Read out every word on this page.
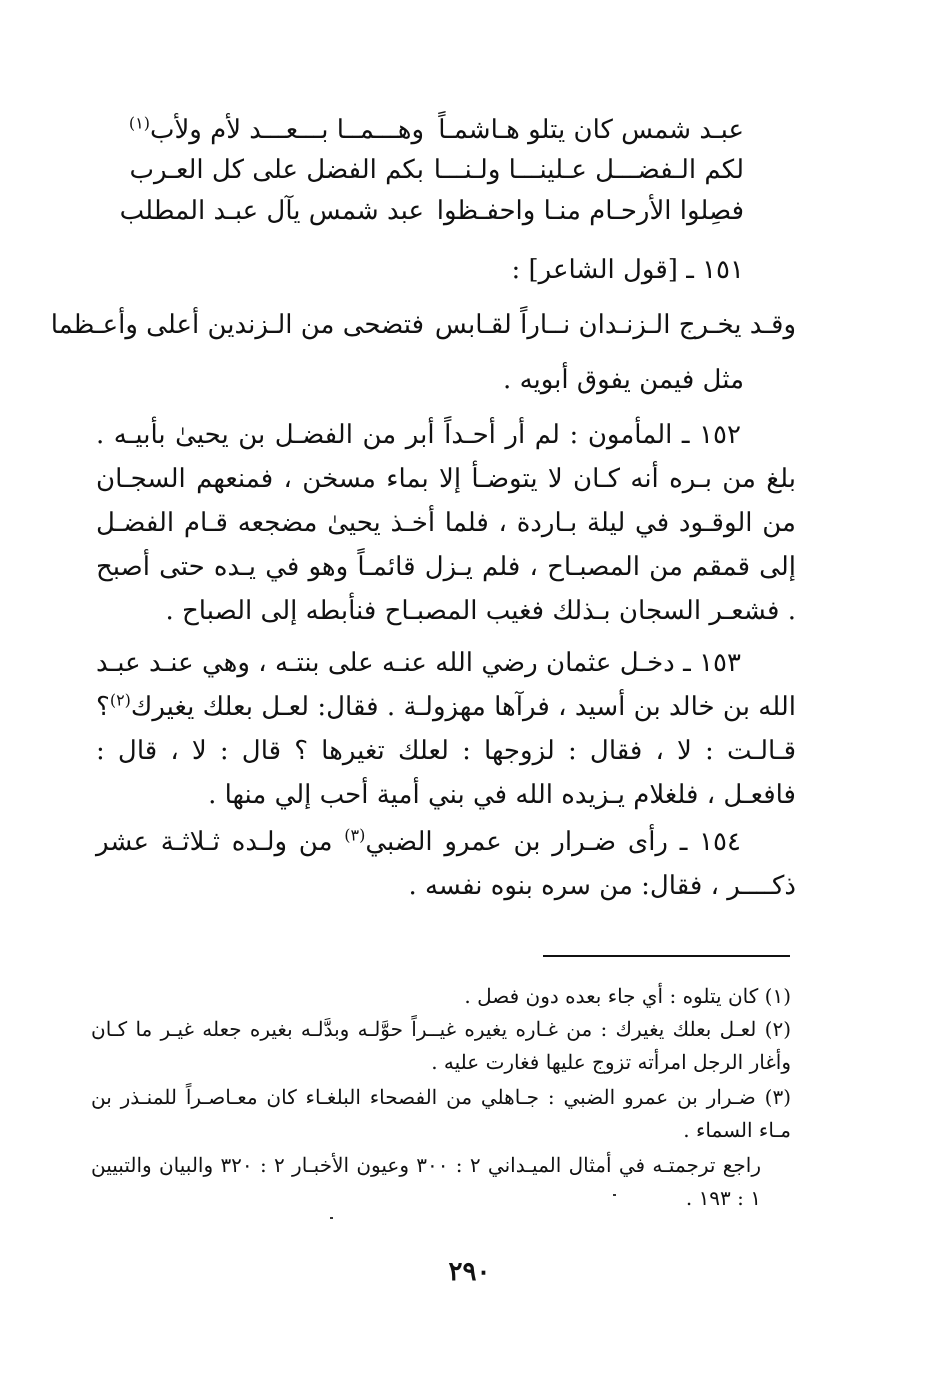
عبـد شمس كان يتلو هـاشمـاً
وهـــمــا بـــعـــد لأم ولأب$^{(١)}$
لكم الـفضـــل عـلينـــا ولـنـــا
بكم الفضل على كل العـرب
فصِلوا الأرحـام منـا واحفـظوا
عبد شمس يآل عبـد المطلب
١٥١ ـ [قول الشاعر] :
وقـد يخـرج الـزنـدان نــاراً لقـابس
فتضحى من الـزندين أعلى وأعـظما
مثل فيمن يفوق أبويه .
١٥٢ ـ المأمون : لم أر أحـداً أبر من الفضـل بن يحيىٰ بأبيـه . بلغ من بـره أنه كـان لا يتوضـأ إلا بماء مسخن ، فمنعهم السجـان من الوقـود في ليلة بـاردة ، فلما أخـذ يحيىٰ مضجعه قـام الفضـل إلى قمقم من المصبـاح ، فلم يـزل قائمـاً وهو في يـده حتى أصبح . فشعـر السجان بـذلك فغيب المصبـاح فنأبطه إلى الصباح .
١٥٣ ـ دخـل عثمان رضي الله عنـه على بنتـه ، وهي عنـد عبـد الله بن خالد بن أسيد ، فرآها مهزولـة . فقال: لعـل بعلك يغيرك$^{(٢)}$؟ قـالـت : لا ، فقال : لزوجها : لعلك تغيرها ؟ قال : لا ، قال : فافعـل ، فلغلام يـزيده الله في بني أمية أحب إلي منها .
١٥٤ ـ رأى ضـرار بن عمرو الضبي$^{(٣)}$ من ولـده ثـلاثـة عشر ذكــــر ، فقال: من سره بنوه نفسه .
(١) كان يتلوه : أي جاء بعده دون فصل .
(٢) لعـل بعلك يغيرك : من غـاره يغيره غيــراً حوَّلـه وبدَّلـه بغيره جعله غيـر ما كـان وأغار الرجل امرأته تزوج عليها فغارت عليه .
(٣) ضـرار بن عمرو الضبي : جـاهلي من الفصحاء البلغـاء كان معـاصـراً للمنـذر بن مـاء السماء .
راجع ترجمتـه في أمثال الميـداني ٢ : ٣٠٠ وعيون الأخبـار ٢ : ٣٢٠ والبيان والتبيين ١ : ١٩٣ .
٢٩٠
